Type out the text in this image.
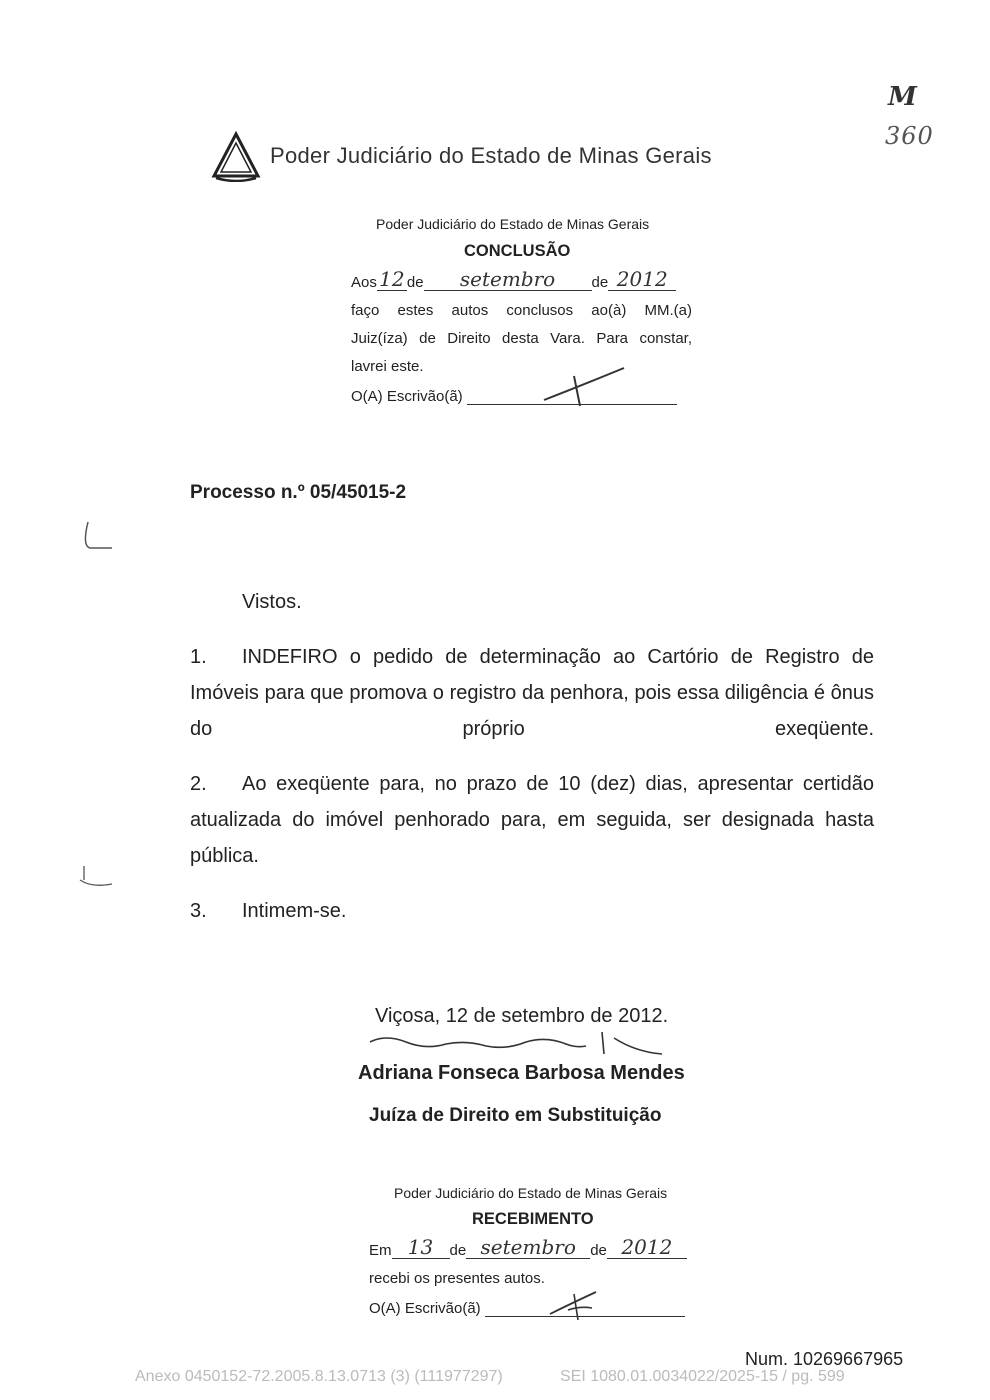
M
360
Poder Judiciário do Estado de Minas Gerais
Poder Judiciário do Estado de Minas Gerais
CONCLUSÃO
Aos 12 de	setembro	de 2012
faço estes autos conclusos ao(à) MM.(a)
Juiz(íza) de Direito desta Vara. Para constar,
lavrei este.
O(A) Escrivão(ã)
Processo n.º 05/45015-2
Vistos.
1. INDEFIRO o pedido de determinação ao Cartório de Registro de Imóveis para que promova o registro da penhora, pois essa diligência é ônus do próprio exeqüente.
2. Ao exeqüente para, no prazo de 10 (dez) dias, apresentar certidão atualizada do imóvel penhorado para, em seguida, ser designada hasta pública.
3. Intimem-se.
Viçosa, 12 de setembro de 2012.
Adriana Fonseca Barbosa Mendes
Juíza de Direito em Substituição
Poder Judiciário do Estado de Minas Gerais
RECEBIMENTO
Em 13	de setembro de 2012
recebi os presentes autos.
O(A) Escrivão(ã)
Num. 10269667965
Anexo 0450152-72.2005.8.13.0713 (3) (111977297)	SEI 1080.01.0034022/2025-15 / pg. 599
